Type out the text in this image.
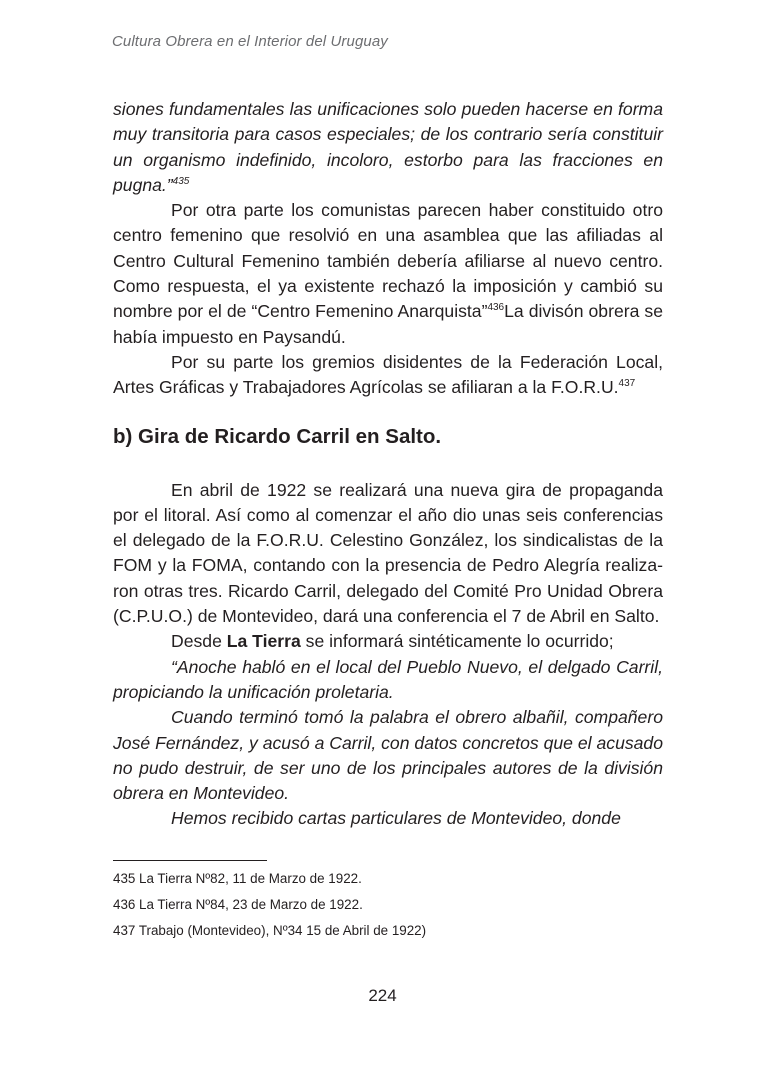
Cultura Obrera en el Interior del Uruguay

siones fundamentales las unificaciones solo pueden hacerse en forma muy transitoria para casos especiales; de los contrario sería constituir un organismo indefinido, incoloro, estorbo para las fracciones en pugna.”$^{435}$

Por otra parte los comunistas parecen haber constituido otro centro femenino que resolvió en una asamblea que las afiliadas al Centro Cultural Femenino también debería afiliarse al nuevo centro. Como respuesta, el ya existente rechazó la imposición y cambió su nombre por el de “Centro Femenino Anarquista”$^{436}$La divisón obrera se había impuesto en Paysandú.

Por su parte los gremios disidentes de la Federación Local, Artes Gráficas y Trabajadores Agrícolas se afiliaran a la F.O.R.U.$^{437}$

b) Gira de Ricardo Carril en Salto.

En abril de 1922 se realizará una nueva gira de propaganda por el litoral. Así como al comenzar el año dio unas seis conferencias el delegado de la F.O.R.U. Celestino González, los sindicalistas de la FOM y la FOMA, contando con la presencia de Pedro Alegría realizaron otras tres. Ricardo Carril, delegado del Comité Pro Unidad Obrera (C.P.U.O.) de Montevideo, dará una conferencia el 7 de Abril en Salto.

Desde La Tierra se informará sintéticamente lo ocurrido;

“Anoche habló en el local del Pueblo Nuevo, el delgado Carril, propiciando la unificación proletaria.

Cuando terminó tomó la palabra el obrero albañil, compañero José Fernández, y acusó a Carril, con datos concretos que el acusado no pudo destruir, de ser uno de los principales autores de la división obrera en Montevideo.

Hemos recibido cartas particulares de Montevideo, donde

435 La Tierra Nº82, 11 de Marzo de 1922.
436 La Tierra Nº84, 23 de Marzo de 1922.
437 Trabajo (Montevideo), Nº34 15 de Abril de 1922)
224
